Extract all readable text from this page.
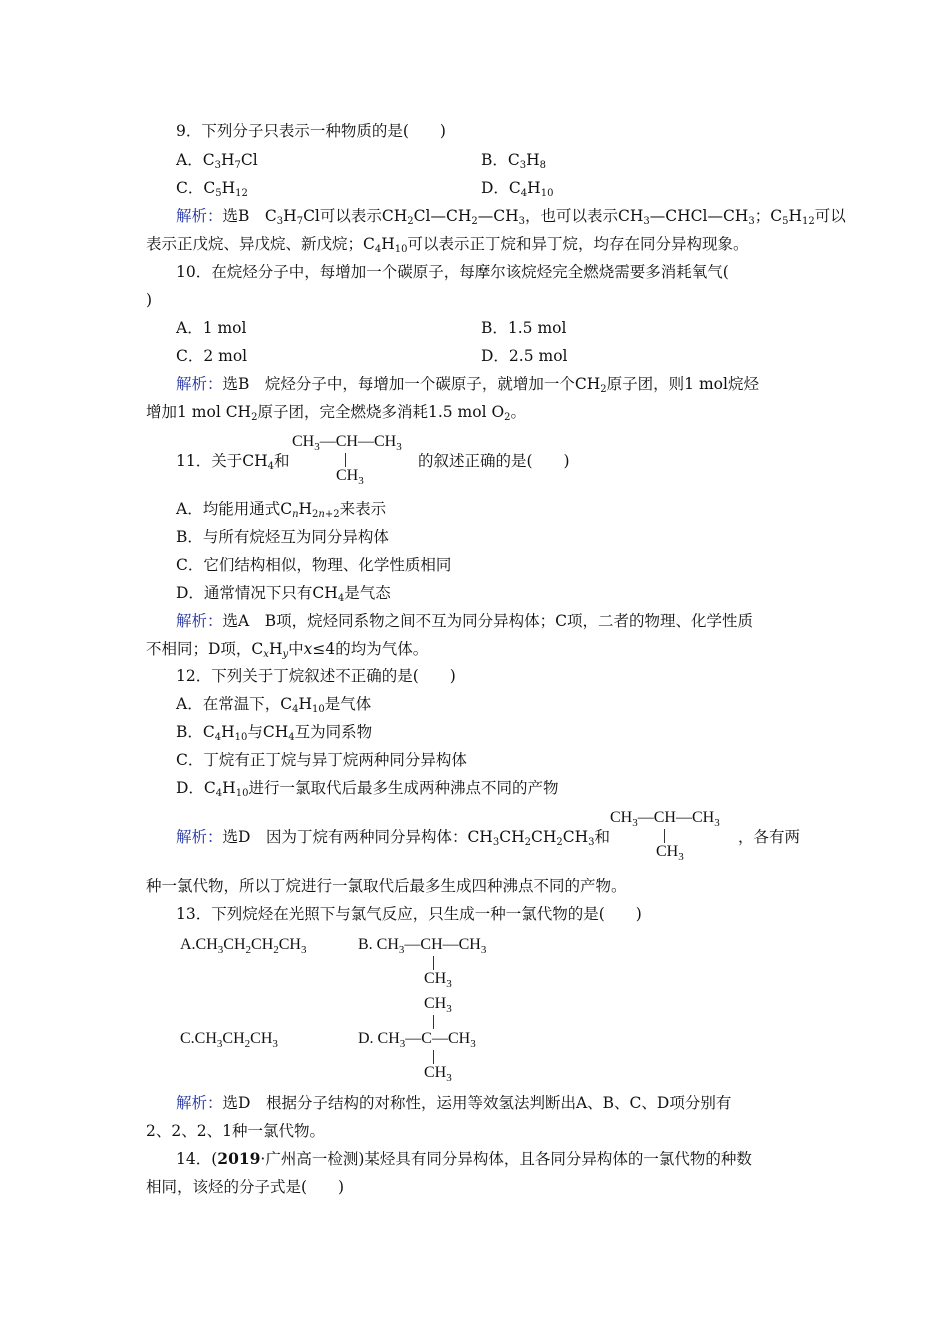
9．下列分子只表示一种物质的是(　　)
A．$C_3H_7Cl$	B．$C_3H_8$
C．$C_5H_{12}$	D．$C_4H_{10}$
解析：选B　$C_3H_7Cl$可以表示$CH_2Cl—CH_2—CH_3$，也可以表示$CH_3—CHCl—CH_3$；$C_5H_{12}$可以
表示正戊烷、异戊烷、新戊烷；$C_4H_{10}$可以表示正丁烷和异丁烷，均存在同分异构现象。
10．在烷烃分子中，每增加一个碳原子，每摩尔该烷烃完全燃烧需要多消耗氧气(
)
A．1 mol	B．1.5 mol
C．2 mol	D．2.5 mol
解析：选B　烷烃分子中，每增加一个碳原子，就增加一个$CH_2$原子团，则1 mol烷烃
增加1 mol $CH_2$原子团，完全燃烧多消耗1.5 mol $O_2$。
11．关于$CH_4$和
$CH_3—CH—CH_3$
$CH_3$
的叙述正确的是(　　)
A．均能用通式$C_nH_{2n+2}$来表示
B．与所有烷烃互为同分异构体
C．它们结构相似，物理、化学性质相同
D．通常情况下只有$CH_4$是气态
解析：选A　B项，烷烃同系物之间不互为同分异构体；C项，二者的物理、化学性质
不相同；D项，$C_xH_y$中x≤4的均为气体。
12．下列关于丁烷叙述不正确的是(　　)
A．在常温下，$C_4H_{10}$是气体
B．$C_4H_{10}$与$CH_4$互为同系物
C．丁烷有正丁烷与异丁烷两种同分异构体
D．$C_4H_{10}$进行一氯取代后最多生成两种沸点不同的产物
解析：选D　因为丁烷有两种同分异构体：$CH_3CH_2CH_2CH_3$和
$CH_3—CH—CH_3$
$CH_3$
，各有两
种一氯代物，所以丁烷进行一氯取代后最多生成四种沸点不同的产物。
13．下列烷烃在光照下与氯气反应，只生成一种一氯代物的是(　　)
$A.CH_3CH_2CH_2CH_3$	B. $CH_3—CH—CH_3$
$CH_3$
$CH_3$
$C.CH_3CH_2CH_3$	D. $CH_3—C—CH_3$
$CH_3$
解析：选D　根据分子结构的对称性，运用等效氢法判断出A、B、C、D项分别有
2、2、2、1种一氯代物。
14．(2019·广州高一检测)某烃具有同分异构体，且各同分异构体的一氯代物的种数
相同，该烃的分子式是(　　)
